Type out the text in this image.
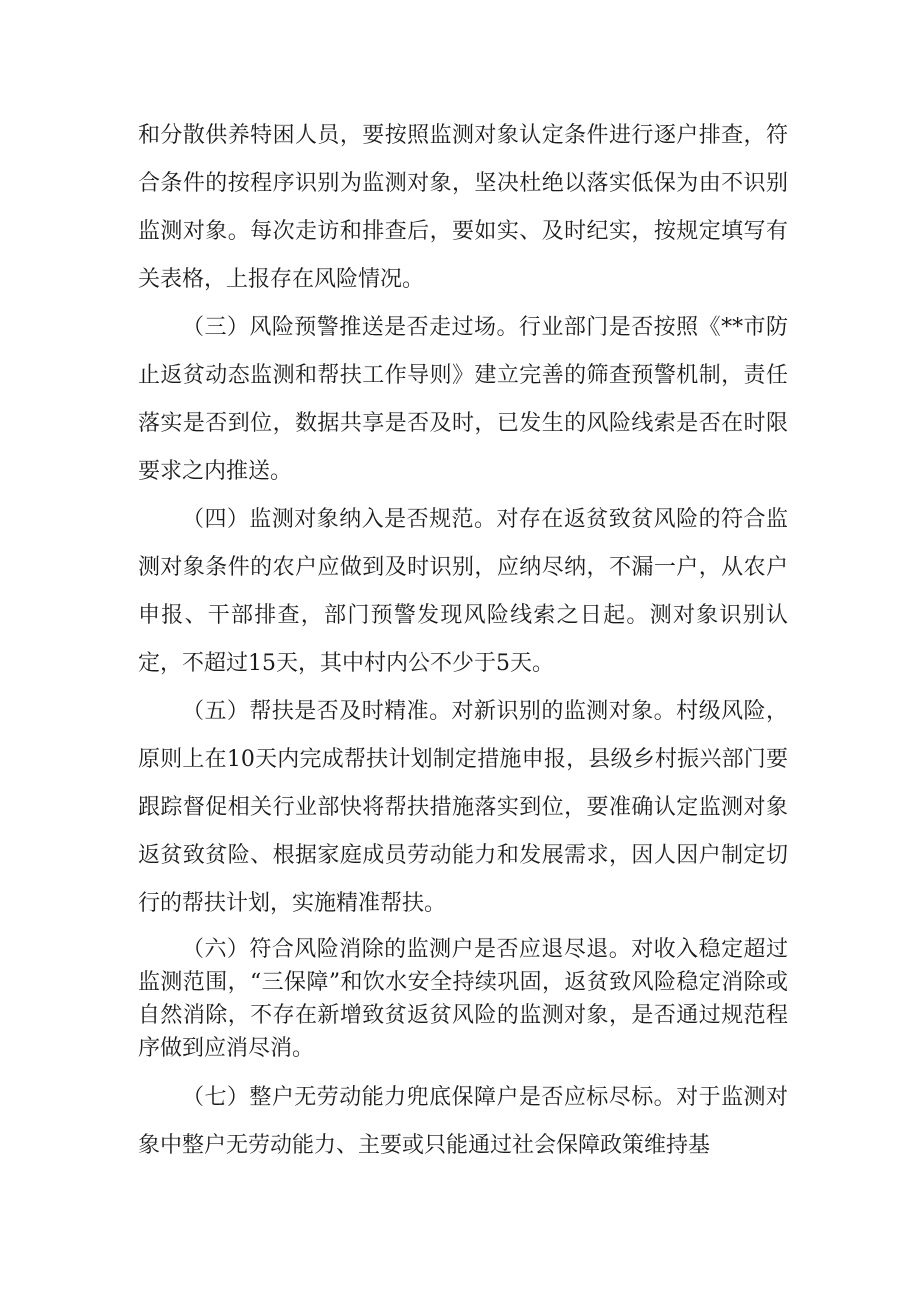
和分散供养特困人员，要按照监测对象认定条件进行逐户排查，符合条件的按程序识别为监测对象，坚决杜绝以落实低保为由不识别监测对象。每次走访和排查后，要如实、及时纪实，按规定填写有关表格，上报存在风险情况。

（三）风险预警推送是否走过场。行业部门是否按照《**市防止返贫动态监测和帮扶工作导则》建立完善的筛查预警机制，责任落实是否到位，数据共享是否及时，已发生的风险线索是否在时限要求之内推送。

（四）监测对象纳入是否规范。对存在返贫致贫风险的符合监测对象条件的农户应做到及时识别，应纳尽纳，不漏一户，从农户申报、干部排查，部门预警发现风险线索之日起。测对象识别认定，不超过15天，其中村内公不少于5天。

（五）帮扶是否及时精准。对新识别的监测对象。村级风险，原则上在10天内完成帮扶计划制定措施申报，县级乡村振兴部门要跟踪督促相关行业部快将帮扶措施落实到位，要准确认定监测对象返贫致贫险、根据家庭成员劳动能力和发展需求，因人因户制定切行的帮扶计划，实施精准帮扶。

（六）符合风险消除的监测户是否应退尽退。对收入稳定超过监测范围，“三保障”和饮水安全持续巩固，返贫致风险稳定消除或自然消除，不存在新增致贫返贫风险的监测对象，是否通过规范程序做到应消尽消。

（七）整户无劳动能力兜底保障户是否应标尽标。对于监测对象中整户无劳动能力、主要或只能通过社会保障政策维持基
